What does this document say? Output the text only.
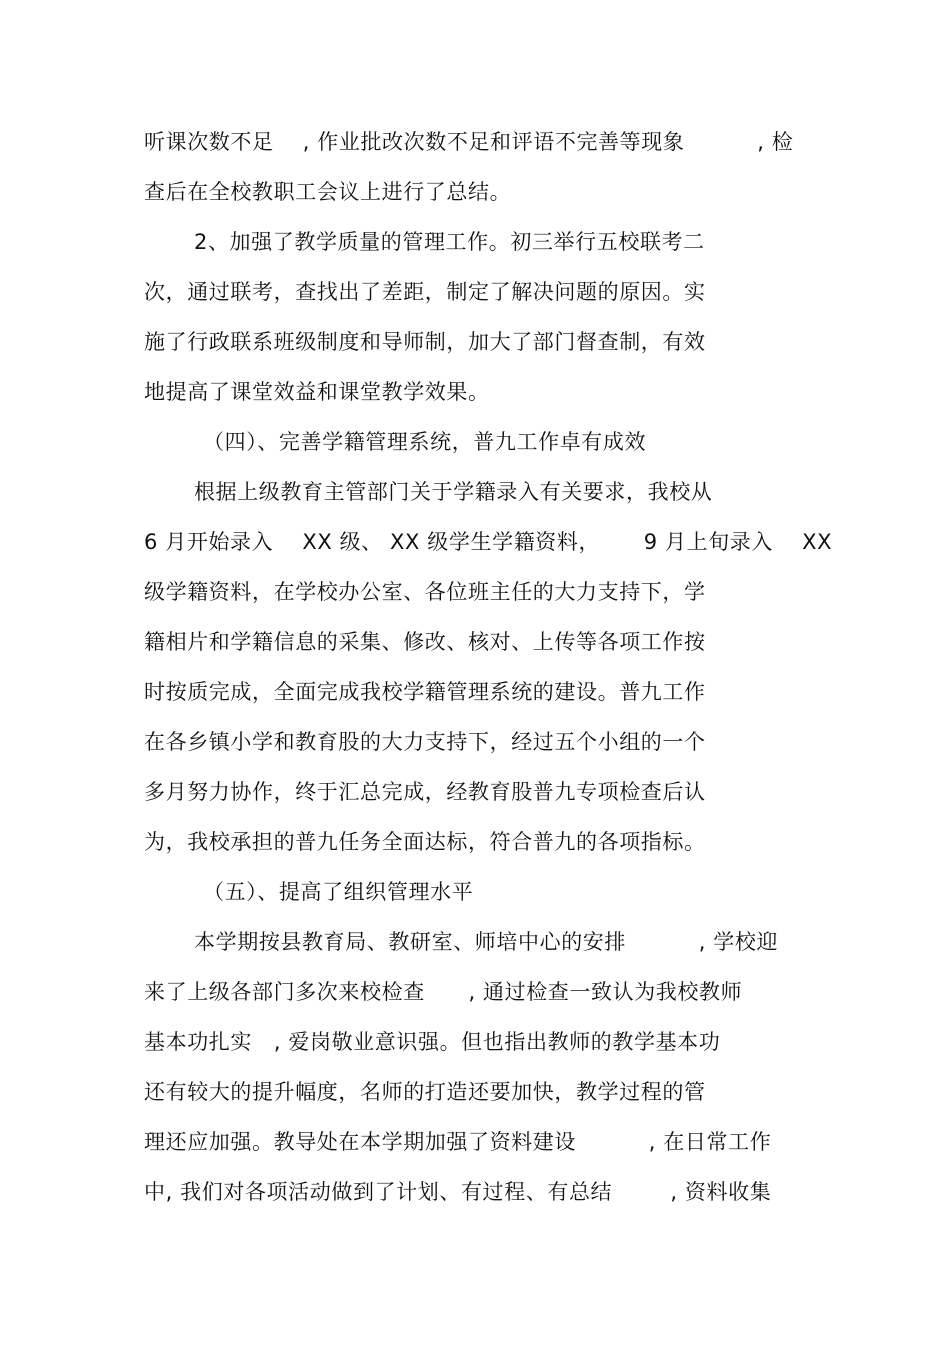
听课次数不足    , 作业批改次数不足和评语不完善等现象          , 检
查后在全校教职工会议上进行了总结。
2、加强了教学质量的管理工作。初三举行五校联考二
次，通过联考，查找出了差距，制定了解决问题的原因。实
施了行政联系班级制度和导师制，加大了部门督查制，有效
地提高了课堂效益和课堂教学效果。
（四）、完善学籍管理系统，普九工作卓有成效
根据上级教育主管部门关于学籍录入有关要求，我校从
6 月开始录入    XX 级、 XX 级学生学籍资料，      9 月上旬录入    XX
级学籍资料，在学校办公室、各位班主任的大力支持下，学
籍相片和学籍信息的采集、修改、核对、上传等各项工作按
时按质完成，全面完成我校学籍管理系统的建设。普九工作
在各乡镇小学和教育股的大力支持下，经过五个小组的一个
多月努力协作，终于汇总完成，经教育股普九专项检查后认
为，我校承担的普九任务全面达标，符合普九的各项指标。
（五）、提高了组织管理水平
本学期按县教育局、教研室、师培中心的安排          , 学校迎
来了上级各部门多次来校检查      , 通过检查一致认为我校教师
基本功扎实   , 爱岗敬业意识强。但也指出教师的教学基本功
还有较大的提升幅度，名师的打造还要加快，教学过程的管
理还应加强。教导处在本学期加强了资料建设          , 在日常工作
中, 我们对各项活动做到了计划、有过程、有总结        , 资料收集
